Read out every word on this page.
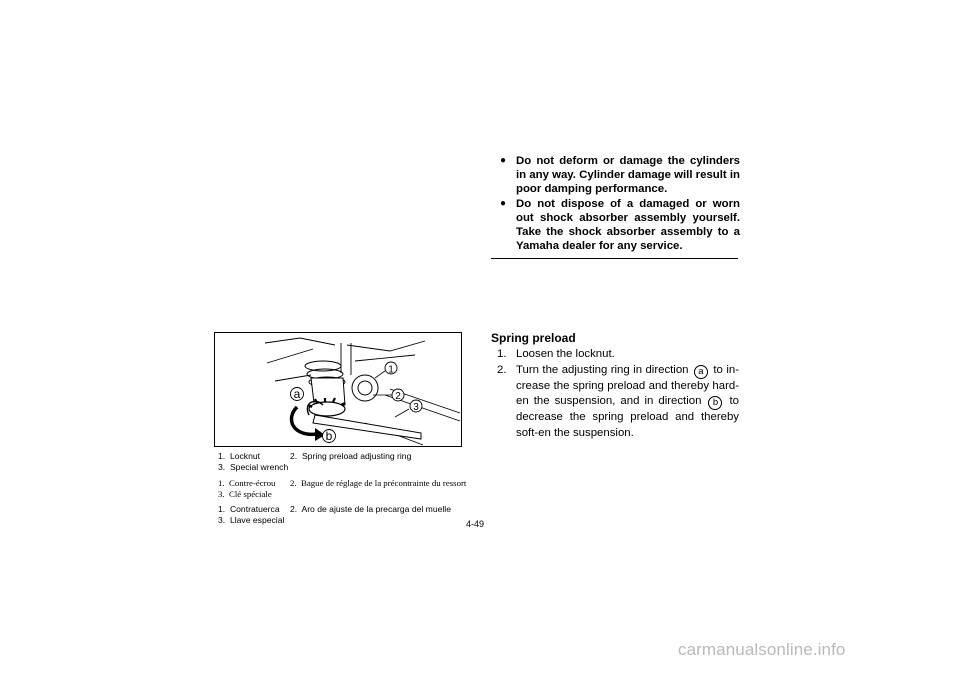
● Do not deform or damage the cylinders in any way. Cylinder damage will result in poor damping performance.
● Do not dispose of a damaged or worn out shock absorber assembly yourself. Take the shock absorber assembly to a Yamaha dealer for any service.
a
1
2
3
b
1.  Locknut	2.  Spring preload adjusting ring
3.  Special wrench
1.  Contre-écrou 2.  Bague de réglage de la précontrainte du ressort
3.  Clé spéciale
1.  Contratuerca 2.  Aro de ajuste de la precarga del muelle
3.  Llave especial	4-49
Spring preload
1. Loosen the locknut.
2. Turn the adjusting ring in direction a to in-crease the spring preload and thereby hard-en the suspension, and in direction b to decrease the spring preload and thereby soft-en the suspension.
carmanualsonline.info
